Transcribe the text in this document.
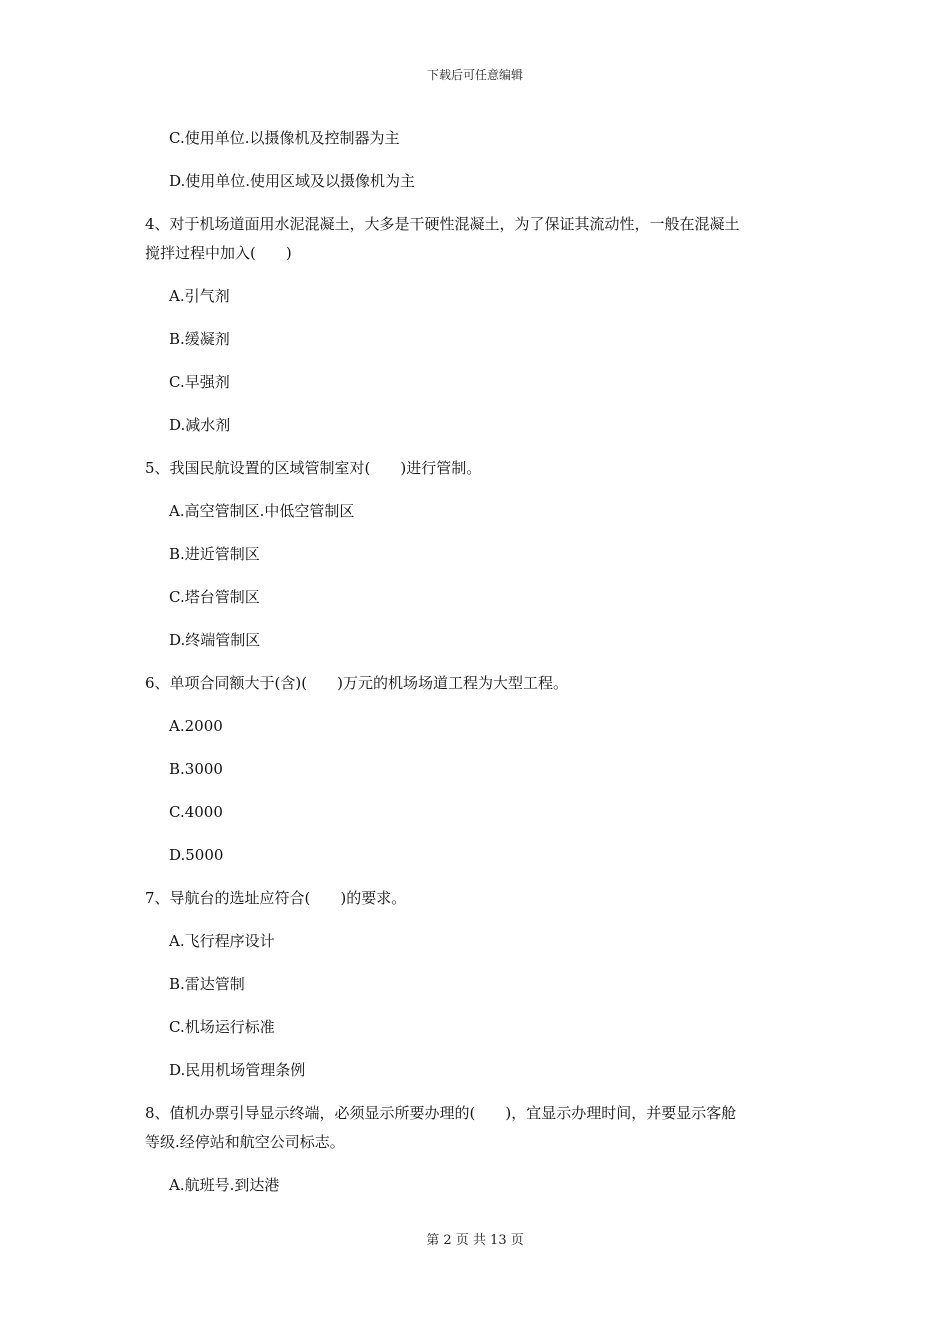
下载后可任意编辑
C.使用单位.以摄像机及控制器为主
D.使用单位.使用区域及以摄像机为主
4、对于机场道面用水泥混凝土，大多是干硬性混凝土，为了保证其流动性，一般在混凝土
搅拌过程中加入(　　)
A.引气剂
B.缓凝剂
C.早强剂
D.减水剂
5、我国民航设置的区域管制室对(　　)进行管制。
A.高空管制区.中低空管制区
B.进近管制区
C.塔台管制区
D.终端管制区
6、单项合同额大于(含)(　　)万元的机场场道工程为大型工程。
A.2000
B.3000
C.4000
D.5000
7、导航台的选址应符合(　　)的要求。
A.飞行程序设计
B.雷达管制
C.机场运行标准
D.民用机场管理条例
8、值机办票引导显示终端，必须显示所要办理的(　　)，宜显示办理时间，并要显示客舱
等级.经停站和航空公司标志。
A.航班号.到达港
第 2 页 共 13 页
